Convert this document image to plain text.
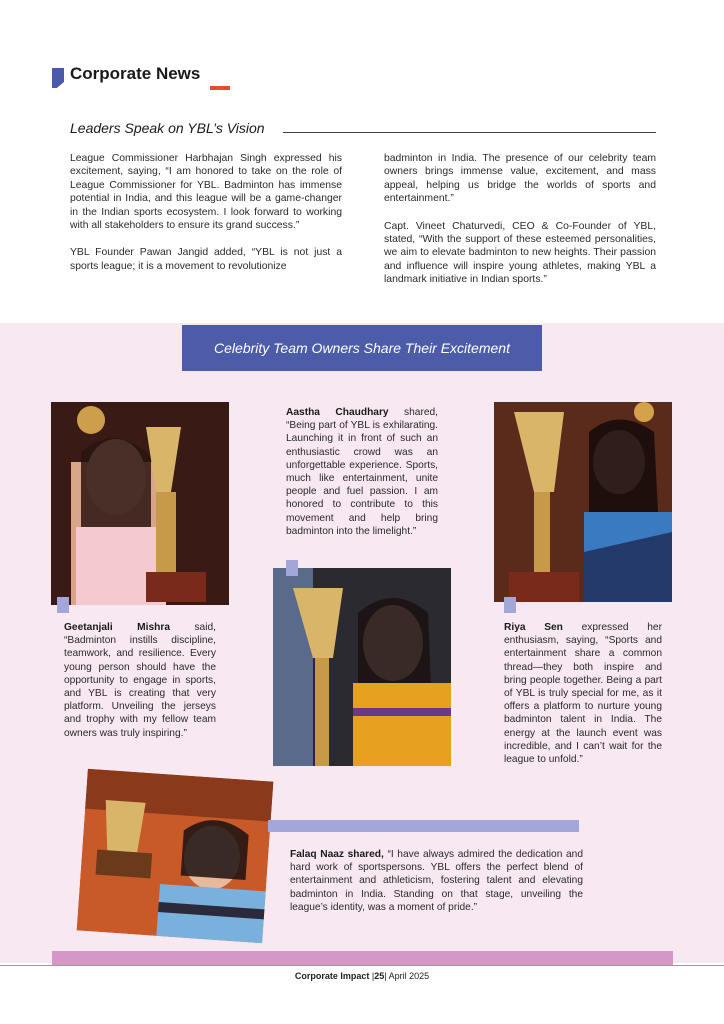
Corporate News
Leaders Speak on YBL’s Vision

League Commissioner Harbhajan Singh expressed his excitement, saying, “I am honored to take on the role of League Commissioner for YBL. Badminton has immense potential in India, and this league will be a game-changer in the Indian sports ecosystem. I look forward to working with all stakeholders to ensure its grand success.”

YBL Founder Pawan Jangid added, “YBL is not just a sports league; it is a movement to revolutionize

badminton in India. The presence of our celebrity team owners brings immense value, excitement, and mass appeal, helping us bridge the worlds of sports and entertainment.”

Capt. Vineet Chaturvedi, CEO & Co-Founder of YBL, stated, “With the support of these esteemed personalities, we aim to elevate badminton to new heights. Their passion and influence will inspire young athletes, making YBL a landmark initiative in Indian sports.”

Celebrity Team Owners Share Their Excitement

Aastha Chaudhary shared, “Being part of YBL is exhilarating. Launching it in front of such an enthusiastic crowd was an unforgettable experience. Sports, much like entertainment, unite people and fuel passion. I am honored to contribute to this movement and help bring badminton into the limelight.”

Geetanjali Mishra said, “Badminton instills discipline, teamwork, and resilience. Every young person should have the opportunity to engage in sports, and YBL is creating that very platform. Unveiling the jerseys and trophy with my fellow team owners was truly inspiring.”

Riya Sen expressed her enthusiasm, saying, “Sports and entertainment share a common thread—they both inspire and bring people together. Being a part of YBL is truly special for me, as it offers a platform to nurture young badminton talent in India. The energy at the launch event was incredible, and I can’t wait for the league to unfold.”

Falaq Naaz shared, “I have always admired the dedication and hard work of sportspersons. YBL offers the perfect blend of entertainment and athleticism, fostering talent and elevating badminton in India. Standing on that stage, unveiling the league’s identity, was a moment of pride.”

Corporate Impact |25| April 2025
